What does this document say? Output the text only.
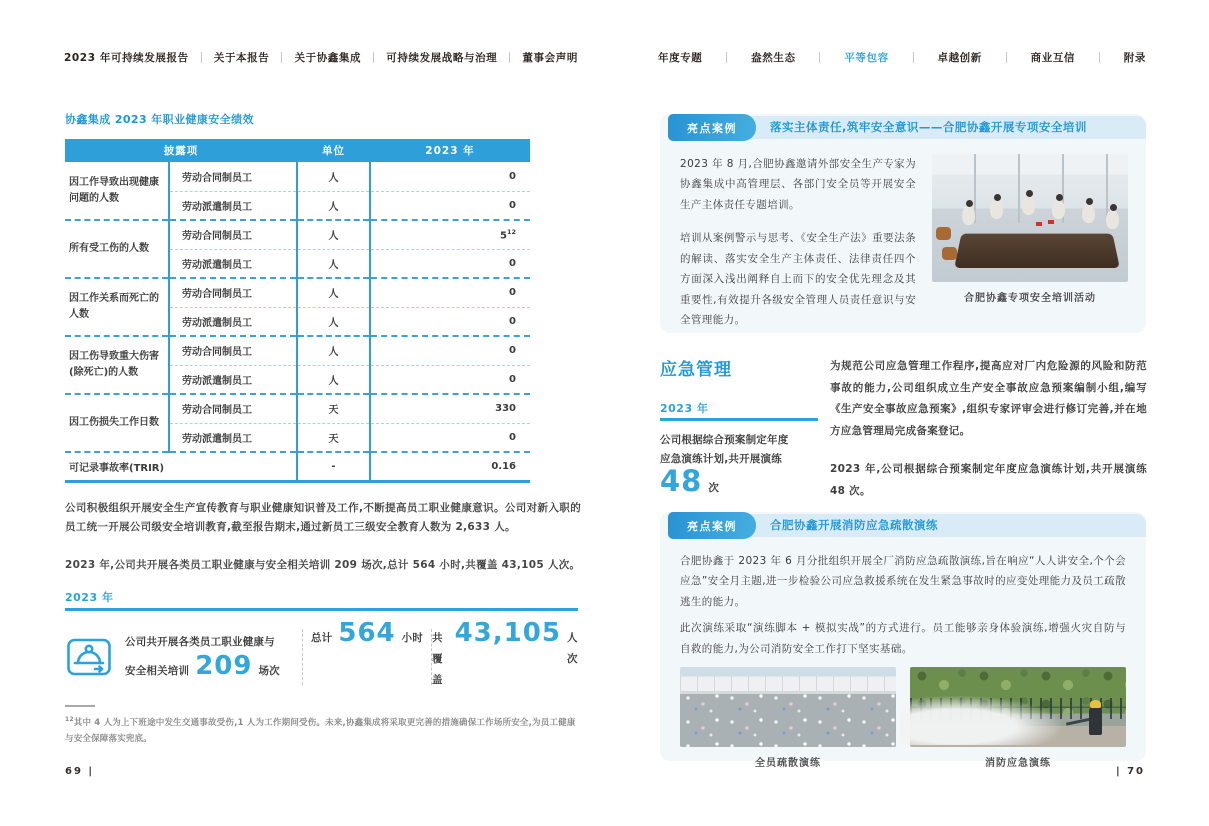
2023 年可持续发展报告 关于本报告 关于协鑫集成 可持续发展战略与治理 董事会声明	年度专题	盎然生态	平等包容	卓越创新	商业互信	附录
协鑫集成 2023 年职业健康安全绩效
披露项		单位	2023 年
因工作导致出现健康问题的人数	劳动合同制员工	人	0
	劳动派遣制员工	人	0
所有受工伤的人数	劳动合同制员工	人	5$^{12}$
	劳动派遣制员工	人	0
因工作关系而死亡的人数	劳动合同制员工	人	0
	劳动派遣制员工	人	0
因工伤导致重大伤害(除死亡)的人数	劳动合同制员工	人	0
	劳动派遣制员工	人	0
因工伤损失工作日数	劳动合同制员工	天	330
	劳动派遣制员工	天	0
可记录事故率(TRIR)		-	0.16

公司积极组织开展安全生产宣传教育与职业健康知识普及工作,不断提高员工职业健康意识。公司对新入职的员工统一开展公司级安全培训教育,截至报告期末,通过新员工三级安全教育人数为 2,633 人。

2023 年,公司共开展各类员工职业健康与安全相关培训 209 场次,总计 564 小时,共覆盖 43,105 人次。

2023 年
公司共开展各类员工职业健康与
安全相关培训 209 场次
总计 564 小时 共覆盖
43,105 人次
$^{12}$其中 4 人为上下班途中发生交通事故受伤,1 人为工作期间受伤。未来,协鑫集成将采取更完善的措施确保工作场所安全,为员工健康与安全保障落实兜底。
69 |
亮点案例	落实主体责任,筑牢安全意识——合肥协鑫开展专项安全培训

2023 年 8 月,合肥协鑫邀请外部安全生产专家为协鑫集成中高管理层、各部门安全员等开展安全生产主体责任专题培训。

培训从案例警示与思考、《安全生产法》重要法条的解读、落实安全生产主体责任、法律责任四个方面深入浅出阐释自上而下的安全优先理念及其重要性,有效提升各级安全管理人员责任意识与安全管理能力。

合肥协鑫专项安全培训活动
应急管理
2023 年
公司根据综合预案制定年度
应急演练计划,共开展演练
48 次

为规范公司应急管理工作程序,提高应对厂内危险源的风险和防范事故的能力,公司组织成立生产安全事故应急预案编制小组,编写《生产安全事故应急预案》,组织专家评审会进行修订完善,并在地方应急管理局完成备案登记。

2023 年,公司根据综合预案制定年度应急演练计划,共开展演练 48 次。

亮点案例	合肥协鑫开展消防应急疏散演练

合肥协鑫于 2023 年 6 月分批组织开展全厂消防应急疏散演练,旨在响应“人人讲安全,个个会应急”安全月主题,进一步检验公司应急救援系统在发生紧急事故时的应变处理能力及员工疏散逃生的能力。

此次演练采取“演练脚本 + 模拟实战”的方式进行。员工能够亲身体验演练,增强火灾自防与自救的能力,为公司消防安全工作打下坚实基础。

全员疏散演练	消防应急演练
| 70
